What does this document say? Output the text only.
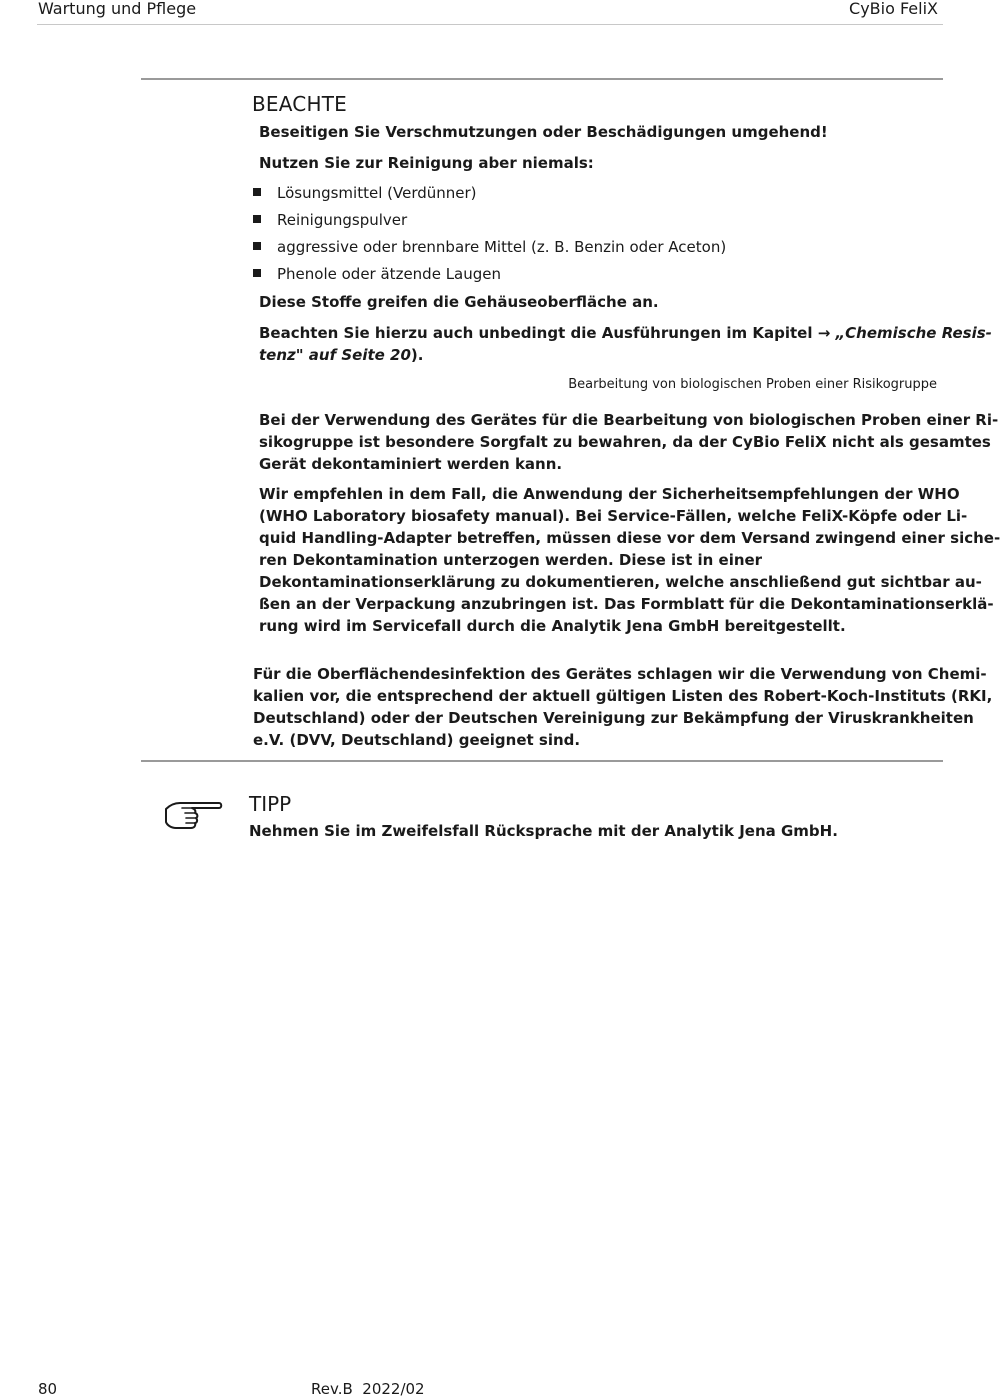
Wartung und Pflege	CyBio FeliX
BEACHTE
Beseitigen Sie Verschmutzungen oder Beschädigungen umgehend!
Nutzen Sie zur Reinigung aber niemals:
Lösungsmittel (Verdünner)
Reinigungspulver
aggressive oder brennbare Mittel (z. B. Benzin oder Aceton)
Phenole oder ätzende Laugen
Diese Stoffe greifen die Gehäuseoberfläche an.
Beachten Sie hierzu auch unbedingt die Ausführungen im Kapitel → „Chemische Resis-
tenz" auf Seite 20).
Bearbeitung von biologischen Proben einer Risikogruppe
Bei der Verwendung des Gerätes für die Bearbeitung von biologischen Proben einer Ri-
sikogruppe ist besondere Sorgfalt zu bewahren, da der CyBio FeliX nicht als gesamtes
Gerät dekontaminiert werden kann.
Wir empfehlen in dem Fall, die Anwendung der Sicherheitsempfehlungen der WHO
(WHO Laboratory biosafety manual). Bei Service-Fällen, welche FeliX-Köpfe oder Li-
quid Handling-Adapter betreffen, müssen diese vor dem Versand zwingend einer siche-
ren Dekontamination unterzogen werden. Diese ist in einer
Dekontaminationserklärung zu dokumentieren, welche anschließend gut sichtbar au-
ßen an der Verpackung anzubringen ist. Das Formblatt für die Dekontaminationserklä-
rung wird im Servicefall durch die Analytik Jena GmbH bereitgestellt.
Für die Oberflächendesinfektion des Gerätes schlagen wir die Verwendung von Chemi-
kalien vor, die entsprechend der aktuell gültigen Listen des Robert-Koch-Instituts (RKI,
Deutschland) oder der Deutschen Vereinigung zur Bekämpfung der Viruskrankheiten
e.V. (DVV, Deutschland) geeignet sind.
TIPP
Nehmen Sie im Zweifelsfall Rücksprache mit der Analytik Jena GmbH.
80	Rev.B  2022/02
